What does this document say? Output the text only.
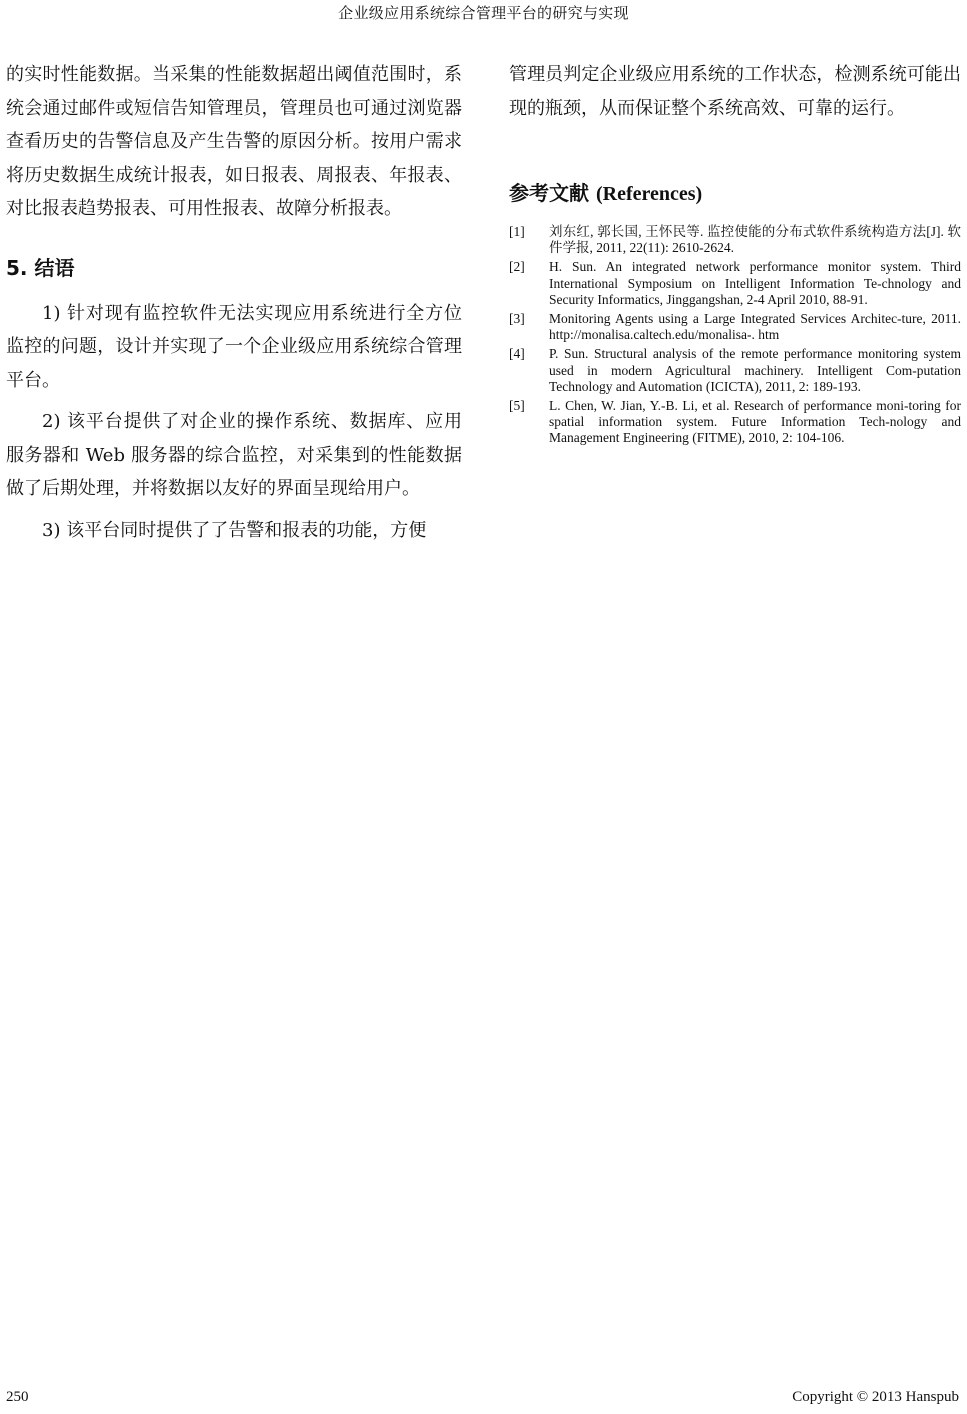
企业级应用系统综合管理平台的研究与实现

的实时性能数据。当采集的性能数据超出阈值范围时，系统会通过邮件或短信告知管理员，管理员也可通过浏览器查看历史的告警信息及产生告警的原因分析。按用户需求将历史数据生成统计报表，如日报表、周报表、年报表、对比报表趋势报表、可用性报表、故障分析报表。

5. 结语

1) 针对现有监控软件无法实现应用系统进行全方位监控的问题，设计并实现了一个企业级应用系统综合管理平台。

2) 该平台提供了对企业的操作系统、数据库、应用服务器和 Web 服务器的综合监控，对采集到的性能数据做了后期处理，并将数据以友好的界面呈现给用户。

3) 该平台同时提供了了告警和报表的功能，方便

管理员判定企业级应用系统的工作状态，检测系统可能出现的瓶颈，从而保证整个系统高效、可靠的运行。

参考文献 (References)
[1]	刘东红, 郭长国, 王怀民等. 监控使能的分布式软件系统构造方法[J]. 软件学报, 2011, 22(11): 2610-2624.
[2]	H. Sun. An integrated network performance monitor system. Third International Symposium on Intelligent Information Te-chnology and Security Informatics, Jinggangshan, 2-4 April 2010, 88-91.
[3]	Monitoring Agents using a Large Integrated Services Architec-ture, 2011. http://monalisa.caltech.edu/monalisa-. htm
[4]	P. Sun. Structural analysis of the remote performance monitoring system used in modern Agricultural machinery. Intelligent Com-putation Technology and Automation (ICICTA), 2011, 2: 189-193.
[5]	L. Chen, W. Jian, Y.-B. Li, et al. Research of performance moni-toring for spatial information system. Future Information Tech-nology and Management Engineering (FITME), 2010, 2: 104-106.
250	Copyright © 2013 Hanspub
